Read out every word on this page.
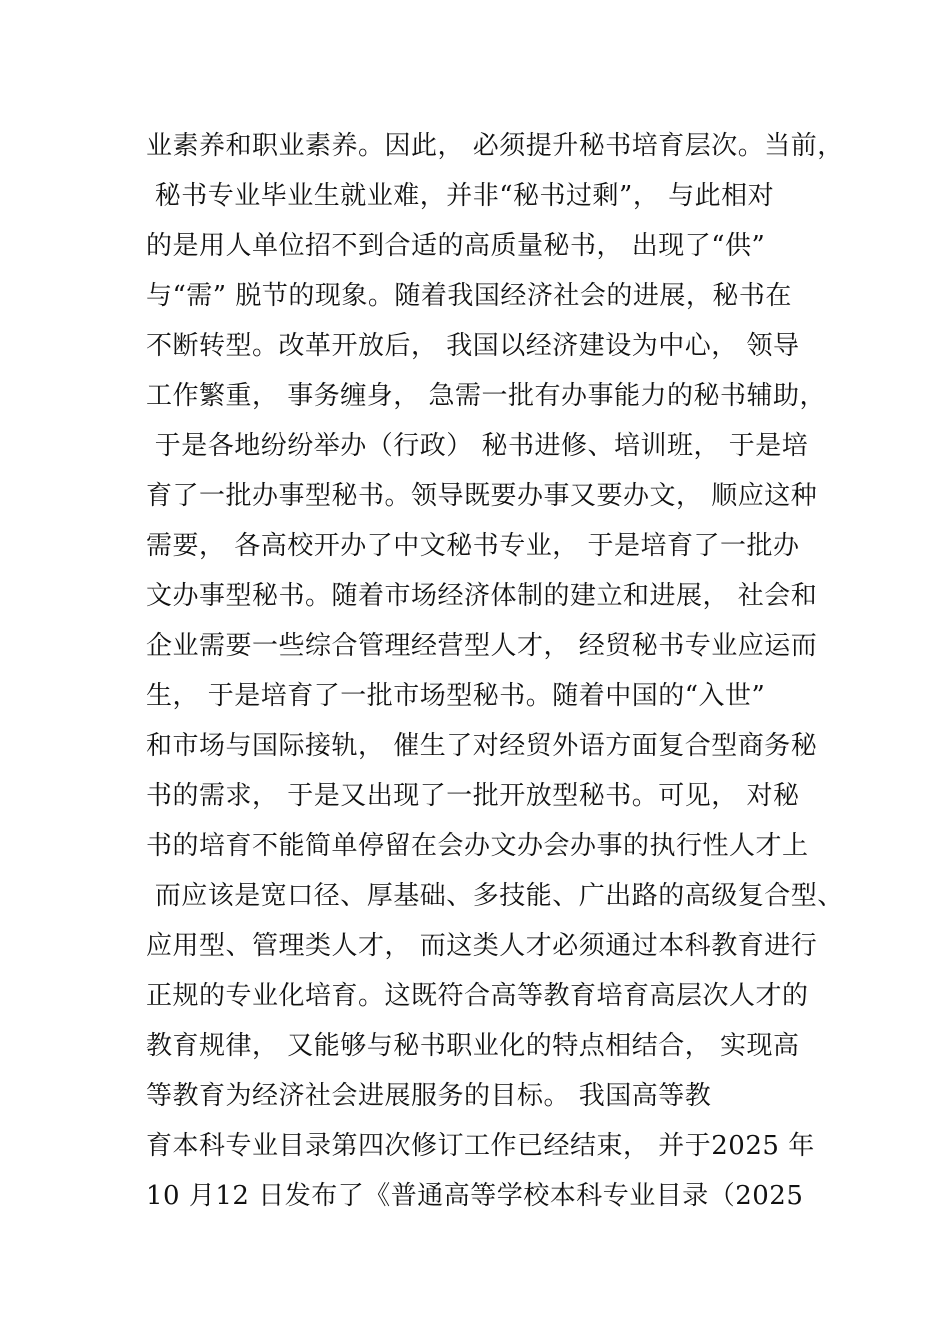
业素养和职业素养。因此， 必须提升秘书培育层次。当前，
秘书专业毕业生就业难，并非“秘书过剩”， 与此相对
的是用人单位招不到合适的高质量秘书， 出现了“供”
与“需” 脱节的现象。随着我国经济社会的进展，秘书在
不断转型。改革开放后， 我国以经济建设为中心， 领导
工作繁重， 事务缠身， 急需一批有办事能力的秘书辅助，
于是各地纷纷举办（行政） 秘书进修、培训班， 于是培
育了一批办事型秘书。领导既要办事又要办文， 顺应这种
需要， 各高校开办了中文秘书专业， 于是培育了一批办
文办事型秘书。随着市场经济体制的建立和进展， 社会和
企业需要一些综合管理经营型人才， 经贸秘书专业应运而
生， 于是培育了一批市场型秘书。随着中国的“入世”
和市场与国际接轨， 催生了对经贸外语方面复合型商务秘
书的需求， 于是又出现了一批开放型秘书。可见， 对秘
书的培育不能简单停留在会办文办会办事的执行性人才上
而应该是宽口径、厚基础、多技能、广出路的高级复合型、
应用型、管理类人才， 而这类人才必须通过本科教育进行
正规的专业化培育。这既符合高等教育培育高层次人才的
教育规律， 又能够与秘书职业化的特点相结合， 实现高
等教育为经济社会进展服务的目标。 我国高等教
育本科专业目录第四次修订工作已经结束， 并于2025 年
10 月12 日发布了《普通高等学校本科专业目录（2025
